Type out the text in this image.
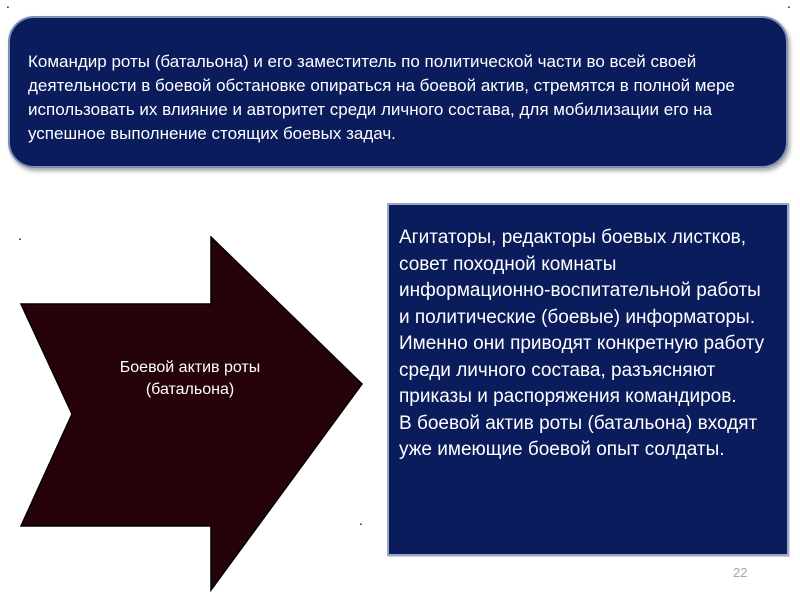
.	.
.
.
Командир роты (батальона) и его заместитель по политической части во всей своей деятельности в боевой обстановке опираться на боевой актив, стремятся в полной мере использовать их влияние и авторитет среди личного состава, для мобилизации его на успешное выполнение стоящих боевых задач.
Боевой актив роты (батальона)

Агитаторы, редакторы боевых листков, совет походной комнаты информационно-воспитательной работы и политические (боевые) информаторы. Именно они приводят конкретную работу среди личного состава, разъясняют приказы и распоряжения командиров.

В боевой актив роты (батальона) входят уже имеющие боевой опыт солдаты.

22
